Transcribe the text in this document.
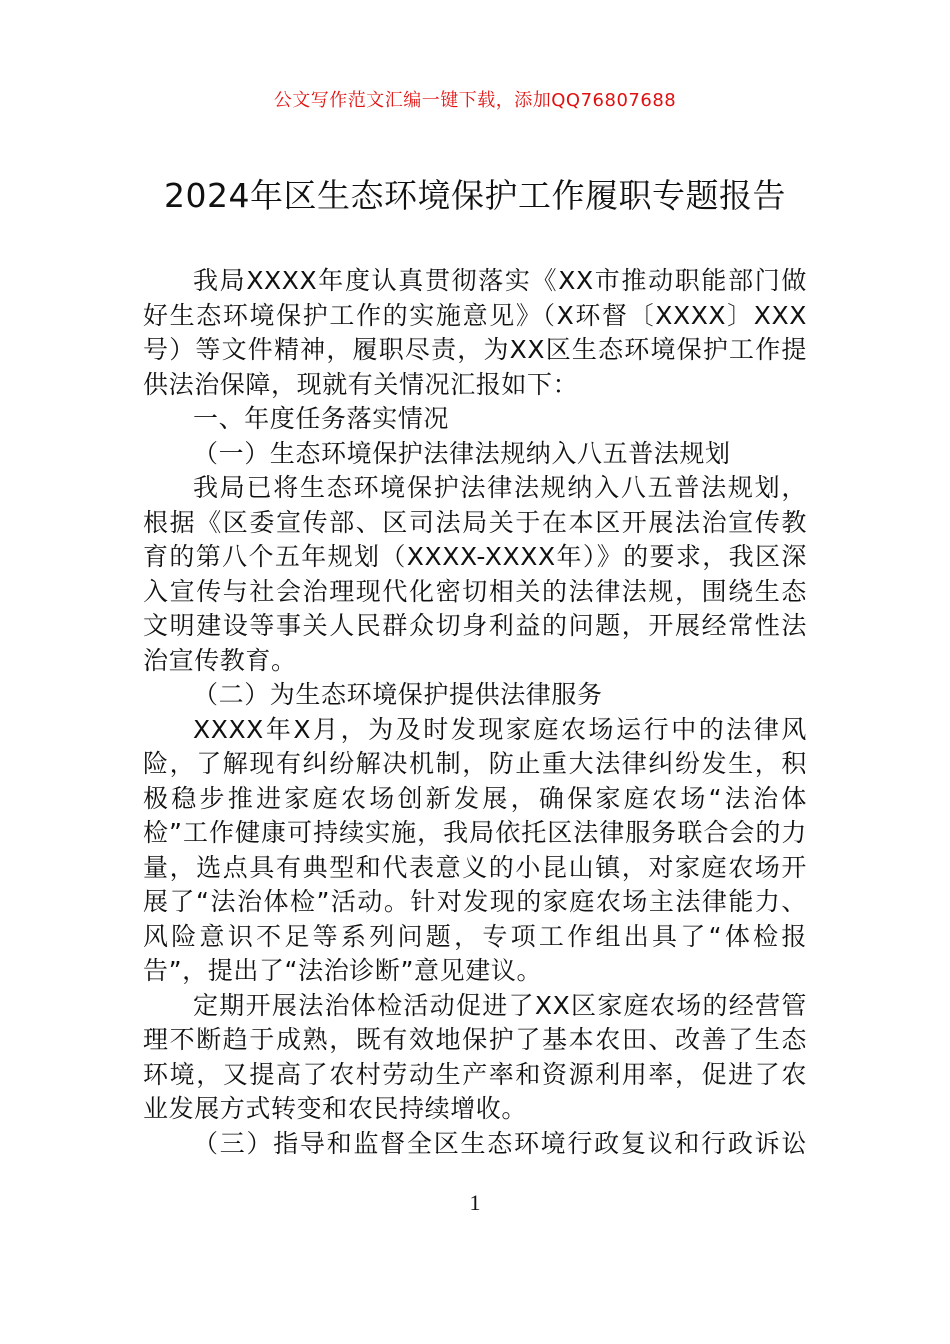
公文写作范文汇编一键下载，添加QQ76807688
2024年区生态环境保护工作履职专题报告

我局XXXX年度认真贯彻落实《XX市推动职能部门做好生态环境保护工作的实施意见》（X环督〔XXXX〕XXX号）等文件精神，履职尽责，为XX区生态环境保护工作提供法治保障，现就有关情况汇报如下：

一、年度任务落实情况

（一）生态环境保护法律法规纳入八五普法规划

我局已将生态环境保护法律法规纳入八五普法规划，根据《区委宣传部、区司法局关于在本区开展法治宣传教育的第八个五年规划（XXXX-XXXX年）》的要求，我区深入宣传与社会治理现代化密切相关的法律法规，围绕生态文明建设等事关人民群众切身利益的问题，开展经常性法治宣传教育。

（二）为生态环境保护提供法律服务

XXXX年X月，为及时发现家庭农场运行中的法律风险，了解现有纠纷解决机制，防止重大法律纠纷发生，积极稳步推进家庭农场创新发展，确保家庭农场“法治体检”工作健康可持续实施，我局依托区法律服务联合会的力量，选点具有典型和代表意义的小昆山镇，对家庭农场开展了“法治体检”活动。针对发现的家庭农场主法律能力、风险意识不足等系列问题，专项工作组出具了“体检报告”，提出了“法治诊断”意见建议。

定期开展法治体检活动促进了XX区家庭农场的经营管理不断趋于成熟，既有效地保护了基本农田、改善了生态环境，又提高了农村劳动生产率和资源利用率，促进了农业发展方式转变和农民持续增收。

（三）指导和监督全区生态环境行政复议和行政诉讼

1
